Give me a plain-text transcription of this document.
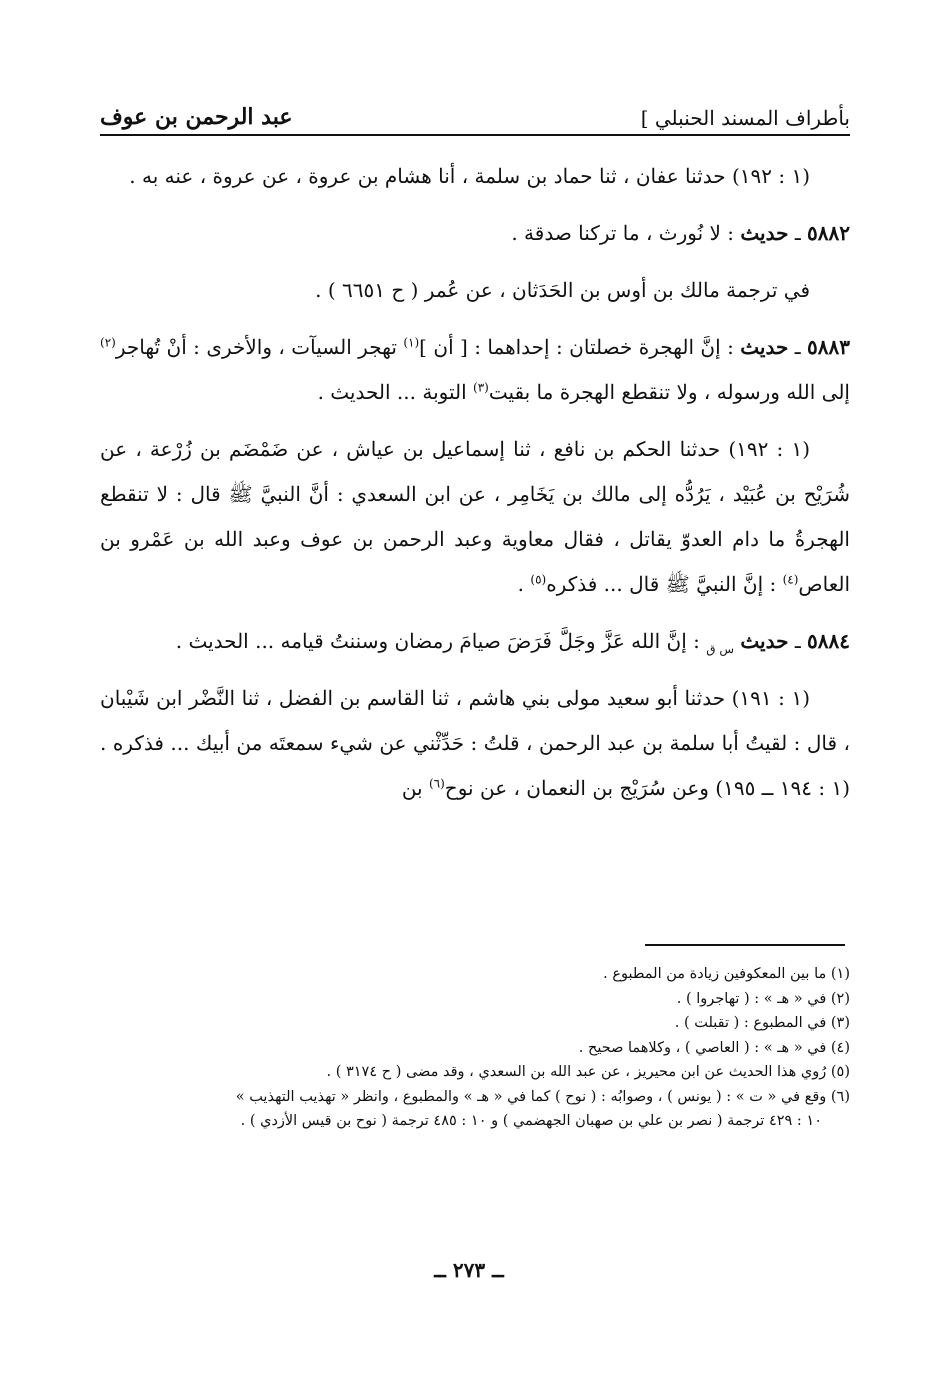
بأطراف المسند الحنبلي ]
عبد الرحمن بن عوف

(١ : ١٩٢) حدثنا عفان ، ثنا حماد بن سلمة ، أنا هشام بن عروة ، عن عروة ، عنه به .

٥٨٨٢ ـ حديث : لا نُورث ، ما تركنا صدقة .

في ترجمة مالك بن أوس بن الحَدَثان ، عن عُمر ( ح ٦٦٥١ ) .

٥٨٨٣ ـ حديث : إنَّ الهجرة خصلتان : إحداهما : [ أن ]$^{(١)}$ تهجر السيآت ، والأخرى : أنْ تُهاجر$^{(٢)}$ إلى الله ورسوله ، ولا تنقطع الهجرة ما بقيت$^{(٣)}$ التوبة ... الحديث .

(١ : ١٩٢) حدثنا الحكم بن نافع ، ثنا إسماعيل بن عياش ، عن ضَمْضَم بن زُرْعة ، عن شُرَيْح بن عُبَيْد ، يَرُدُّه إلى مالك بن يَخَامِر ، عن ابن السعدي : أنَّ النبيَّ ﷺ قال : لا تنقطع الهجرةُ ما دام العدوّ يقاتل ، فقال معاوية وعبد الرحمن بن عوف وعبد الله بن عَمْرو بن العاص$^{(٤)}$ : إنَّ النبيَّ ﷺ قال ... فذكره$^{(٥)}$ .

٥٨٨٤ ـ حديث $_{س ق}$ : إنَّ الله عَزَّ وجَلَّ فَرَضَ صيامَ رمضان وسننتُ قيامه ... الحديث .

(١ : ١٩١) حدثنا أبو سعيد مولى بني هاشم ، ثنا القاسم بن الفضل ، ثنا النَّضْر ابن شَيْبان ، قال : لقيتُ أبا سلمة بن عبد الرحمن ، قلتُ : حَدِّثْني عن شيء سمعتَه من أبيك ... فذكره . (١ : ١٩٤ ــ ١٩٥) وعن سُرَيْج بن النعمان ، عن نوح$^{(٦)}$ بن

(١) ما بين المعكوفين زيادة من المطبوع .

(٢) في « هـ » : ( تهاجروا ) .

(٣) في المطبوع : ( تقبلت ) .

(٤) في « هـ » : ( العاصي ) ، وكلاهما صحيح .

(٥) رُوي هذا الحديث عن ابن محيريز ، عن عبد الله بن السعدي ، وقد مضى ( ح ٣١٧٤ ) .

(٦) وقع في « ت » : ( يونس ) ، وصوابُه : ( نوح ) كما في « هـ » والمطبوع ، وانظر « تهذيب التهذيب »

١٠ : ٤٢٩ ترجمة ( نصر بن علي بن صهبان الجهضمي ) و ١٠ : ٤٨٥ ترجمة ( نوح بن قيس الأزدي ) .

ــ ٢٧٣ ــ
